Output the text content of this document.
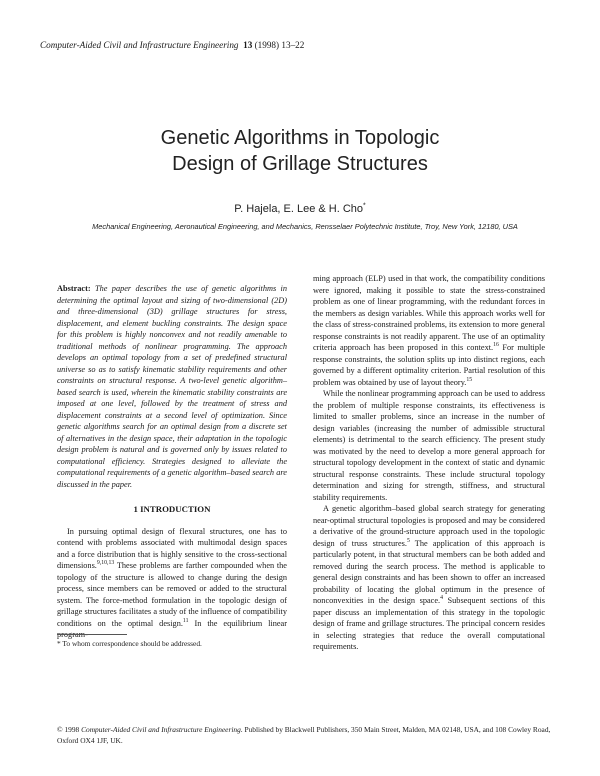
Computer-Aided Civil and Infrastructure Engineering 13 (1998) 13–22
Genetic Algorithms in Topologic
Design of Grillage Structures
P. Hajela, E. Lee & H. Cho*
Mechanical Engineering, Aeronautical Engineering, and Mechanics, Rensselaer Polytechnic Institute, Troy, New York, 12180, USA

Abstract: The paper describes the use of genetic algorithms in determining the optimal layout and sizing of two-dimensional (2D) and three-dimensional (3D) grillage structures for stress, displacement, and element buckling constraints. The design space for this problem is highly nonconvex and not readily amenable to traditional methods of nonlinear programming. The approach develops an optimal topology from a set of predefined structural universe so as to satisfy kinematic stability requirements and other constraints on structural response. A two-level genetic algorithm–based search is used, wherein the kinematic stability constraints are imposed at one level, followed by the treatment of stress and displacement constraints at a second level of optimization. Since genetic algorithms search for an optimal design from a discrete set of alternatives in the design space, their adaptation in the topologic design problem is natural and is governed only by issues related to computational efficiency. Strategies designed to alleviate the computational requirements of a genetic algorithm–based search are discussed in the paper.

1 INTRODUCTION

In pursuing optimal design of flexural structures, one has to contend with problems associated with multimodal design spaces and a force distribution that is highly sensitive to the cross-sectional dimensions.$^{9,10,13}$ These problems are farther compounded when the topology of the structure is allowed to change during the design process, since members can be removed or added to the structural system. The force-method formulation in the topologic design of grillage structures facilitates a study of the influence of compatibility conditions on the optimal design.$^{11}$ In the equilibrium linear program-

ming approach (ELP) used in that work, the compatibility conditions were ignored, making it possible to state the stress-constrained problem as one of linear programming, with the redundant forces in the members as design variables. While this approach works well for the class of stress-constrained problems, its extension to more general response constraints is not readily apparent. The use of an optimality criteria approach has been proposed in this context.$^{16}$ For multiple response constraints, the solution splits up into distinct regions, each governed by a different optimality criterion. Partial resolution of this problem was obtained by use of layout theory.$^{15}$

While the nonlinear programming approach can be used to address the problem of multiple response constraints, its effectiveness is limited to smaller problems, since an increase in the number of design variables (increasing the number of admissible structural elements) is detrimental to the search efficiency. The present study was motivated by the need to develop a more general approach for structural topology development in the context of static and dynamic structural response constraints. These include structural topology determination and sizing for strength, stiffness, and structural stability requirements.

A genetic algorithm–based global search strategy for generating near-optimal structural topologies is proposed and may be considered a derivative of the ground-structure approach used in the topologic design of truss structures.$^5$ The application of this approach is particularly potent, in that structural members can be both added and removed during the search process. The method is applicable to general design constraints and has been shown to offer an increased probability of locating the global optimum in the presence of nonconvexities in the design space.$^4$ Subsequent sections of this paper discuss an implementation of this strategy in the topologic design of frame and grillage structures. The principal concern resides in selecting strategies that reduce the overall computational requirements.

* To whom correspondence should be addressed.
© 1998 Computer-Aided Civil and Infrastructure Engineering. Published by Blackwell Publishers, 350 Main Street, Malden, MA 02148, USA, and 108 Cowley Road, Oxford OX4 1JF, UK.
